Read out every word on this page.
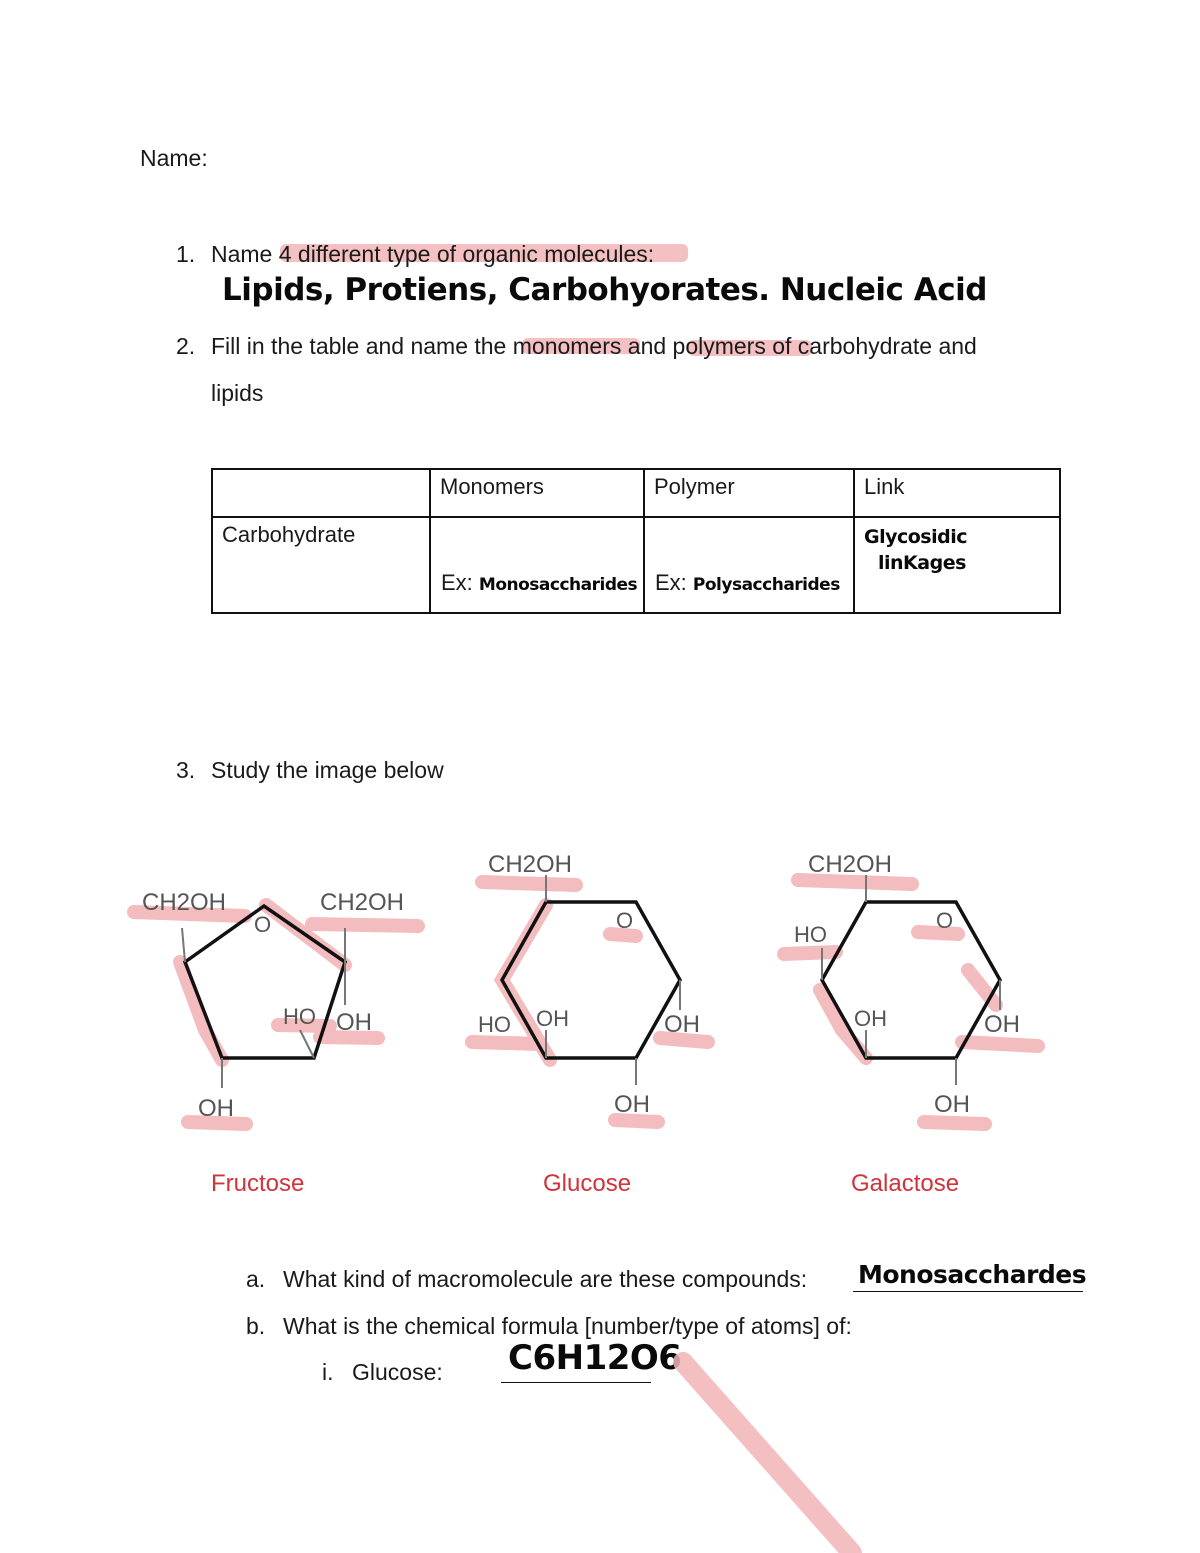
Name:
1. Name 4 different type of organic molecules:
Lipids, Protiens, Carbohyorates. Nucleic Acid
2. Fill in the table and name the monomers and polymers of carbohydrate and
lipids
	Monomers	Polymer	Link
Carbohydrate	Ex: Monosaccharides	Ex: Polysaccharides	Glycosidic
linKages
3. Study the image below
CH2OH	CH2OH
O
HO OH
OH
CH2OH
O
HO OH	OH
OH
CH2OH
HO
O
OH	OH
OH
Fructose	Glucose	Galactose
a. What kind of macromolecule are these compounds: Monosacchardes
b. What is the chemical formula [number/type of atoms] of:
i. Glucose: C6H12O6
